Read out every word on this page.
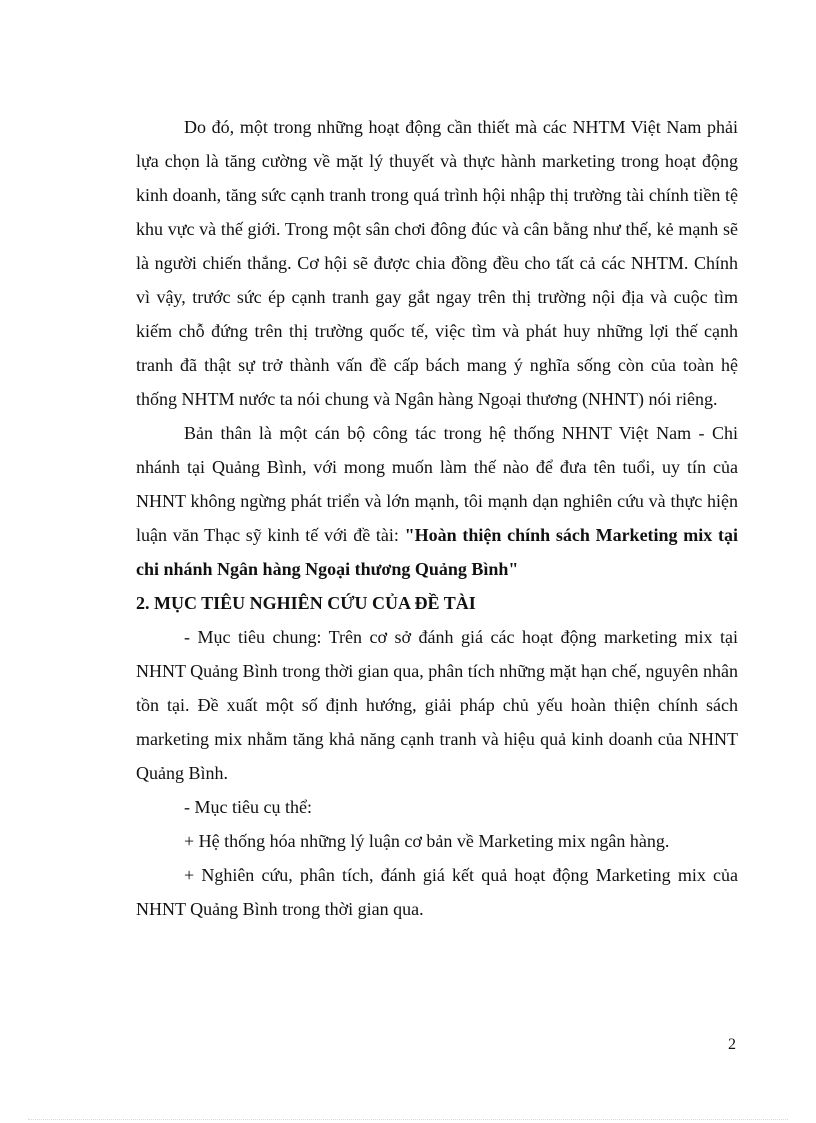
Do đó, một trong những hoạt động cần thiết mà các NHTM Việt Nam phải lựa chọn là tăng cường về mặt lý thuyết và thực hành marketing trong hoạt động kinh doanh, tăng sức cạnh tranh trong quá trình hội nhập thị trường tài chính tiền tệ khu vực và thế giới. Trong một sân chơi đông đúc và cân bằng như thế, kẻ mạnh sẽ là người chiến thắng. Cơ hội sẽ được chia đồng đều cho tất cả các NHTM. Chính vì vậy, trước sức ép cạnh tranh gay gắt ngay trên thị trường nội địa và cuộc tìm kiếm chỗ đứng trên thị trường quốc tế, việc tìm và phát huy những lợi thế cạnh tranh đã thật sự trở thành vấn đề cấp bách mang ý nghĩa sống còn của toàn hệ thống NHTM nước ta nói chung và Ngân hàng Ngoại thương (NHNT) nói riêng.

Bản thân là một cán bộ công tác trong hệ thống NHNT Việt Nam - Chi nhánh tại Quảng Bình, với mong muốn làm thế nào để đưa tên tuổi, uy tín của NHNT không ngừng phát triển và lớn mạnh, tôi mạnh dạn nghiên cứu và thực hiện luận văn Thạc sỹ kinh tế với đề tài: "Hoàn thiện chính sách Marketing mix tại chi nhánh Ngân hàng Ngoại thương Quảng Bình"

2. MỤC TIÊU NGHIÊN CỨU CỦA ĐỀ TÀI

- Mục tiêu chung: Trên cơ sở đánh giá các hoạt động marketing mix tại NHNT Quảng Bình trong thời gian qua, phân tích những mặt hạn chế, nguyên nhân tồn tại. Đề xuất một số định hướng, giải pháp chủ yếu hoàn thiện chính sách marketing mix nhằm tăng khả năng cạnh tranh và hiệu quả kinh doanh của NHNT Quảng Bình.

- Mục tiêu cụ thể:

+ Hệ thống hóa những lý luận cơ bản về Marketing mix ngân hàng.

+ Nghiên cứu, phân tích, đánh giá kết quả hoạt động Marketing mix của NHNT Quảng Bình trong thời gian qua.

2
